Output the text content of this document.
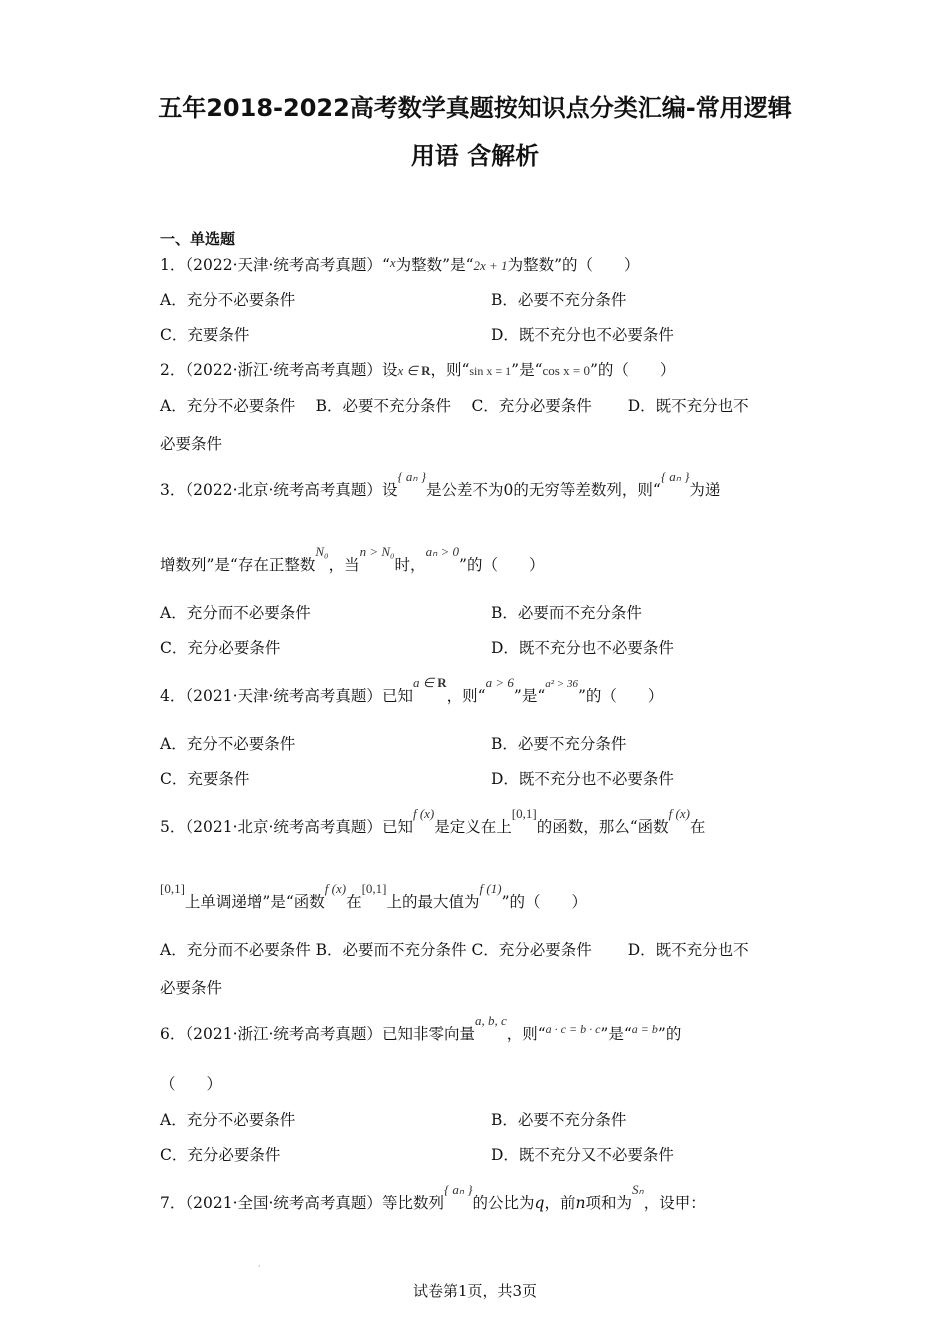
五年2018-2022高考数学真题按知识点分类汇编-常用逻辑
用语 含解析
一、单选题
1．（2022·天津·统考高考真题）“x为整数”是“2x + 1为整数”的（　　）
A．充分不必要条件	B．必要不充分条件
C．充要条件	D．既不充分也不必要条件
2．（2022·浙江·统考高考真题）设x ∈ R，则“sin x = 1”是“cos x = 0”的（　　）
A．充分不必要条件　 B．必要不充分条件　 C．充分必要条件　　 D．既不充分也不
必要条件
3．（2022·北京·统考高考真题）设$^{\{ a_n \}}$是公差不为0的无穷等差数列，则“$^{\{ a_n \}}$为递
增数列”是“存在正整数$^{N_0}$，当$^{n > N_0}$时，$^{a_n > 0}$”的（　　）
A．充分而不必要条件	B．必要而不充分条件
C．充分必要条件	D．既不充分也不必要条件
4．（2021·天津·统考高考真题）已知$^{a \in}$ $^R$，则“$^{a > 6}$”是“$^{a^2 > 36}$”的（　　）
A．充分不必要条件	B．必要不充分条件
C．充要条件	D．既不充分也不必要条件
5．（2021·北京·统考高考真题）已知$^{f (x)}$是定义在上[0,1]的函数，那么“函数$^{f (x)}$在
[0,1]上单调递增”是“函数$^{f (x)}$在[0,1]上的最大值为$^{f (1)}$”的（　　）
A．充分而不必要条件 B．必要而不充分条件 C．充分必要条件　　 D．既不充分也不
必要条件
6．（2021·浙江·统考高考真题）已知非零向量$^{a, b, c}$，则“$^{a \cdot c = b \cdot c}$”是“$^{a = b}$”的
（　　）
A．充分不必要条件	B．必要不充分条件
C．充分必要条件	D．既不充分又不必要条件
7．（2021·全国·统考高考真题）等比数列$^{\{ a_n \}}$的公比为q，前n项和为$^{S_n}$，设甲：
·
试卷第1页，共3页
